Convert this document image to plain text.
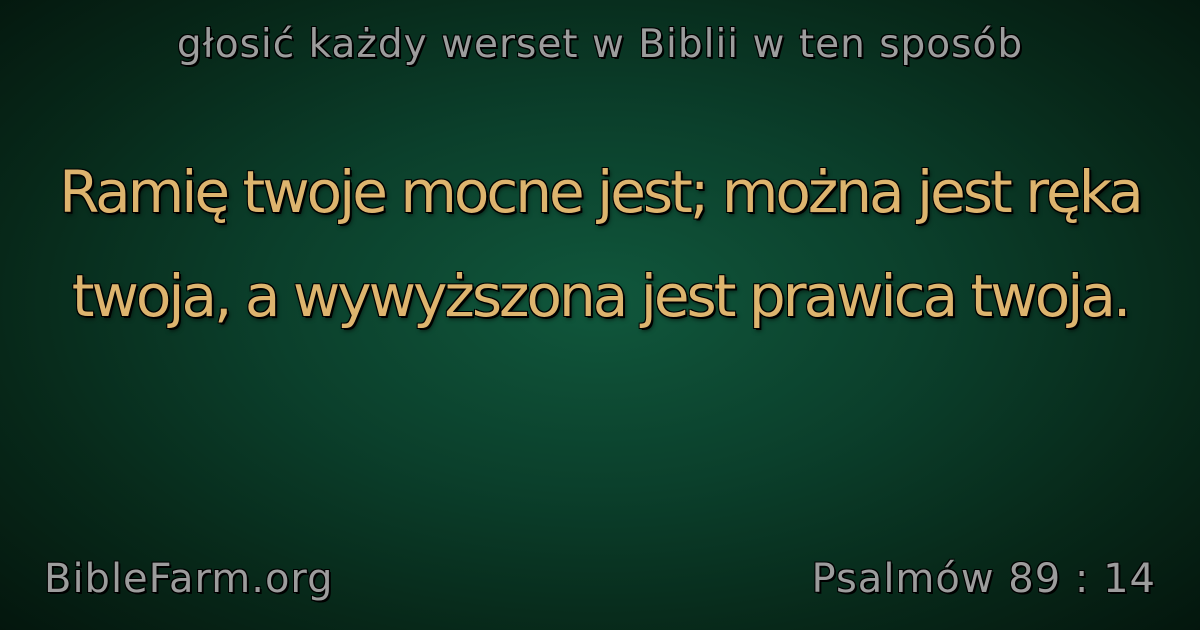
głosić każdy werset w Biblii w ten sposób
Ramię twoje mocne jest; można jest ręka twoja, a wywyższona jest prawica twoja.
BibleFarm.org	Psalmów 89 : 14
